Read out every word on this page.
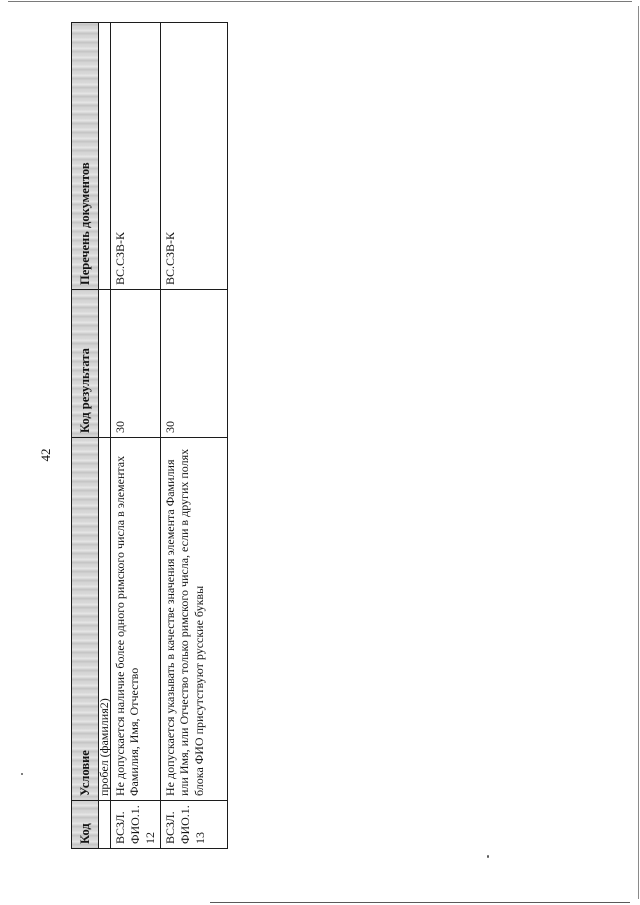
42
Код	Условие	Код результата	Перечень документов
	пробел (фамилия2)		
ВСЗЛ.ФИО.1.12	Не допускается наличие более одного римского числа в элементах Фамилия, Имя, Отчество	30	ВС.СЗВ-К
ВСЗЛ.ФИО.1.13	Не допускается указывать в качестве значения элемента Фамилия или Имя, или Отчество только римского числа, если в других полях блока ФИО присутствуют русские буквы	30	ВС.СЗВ-К
